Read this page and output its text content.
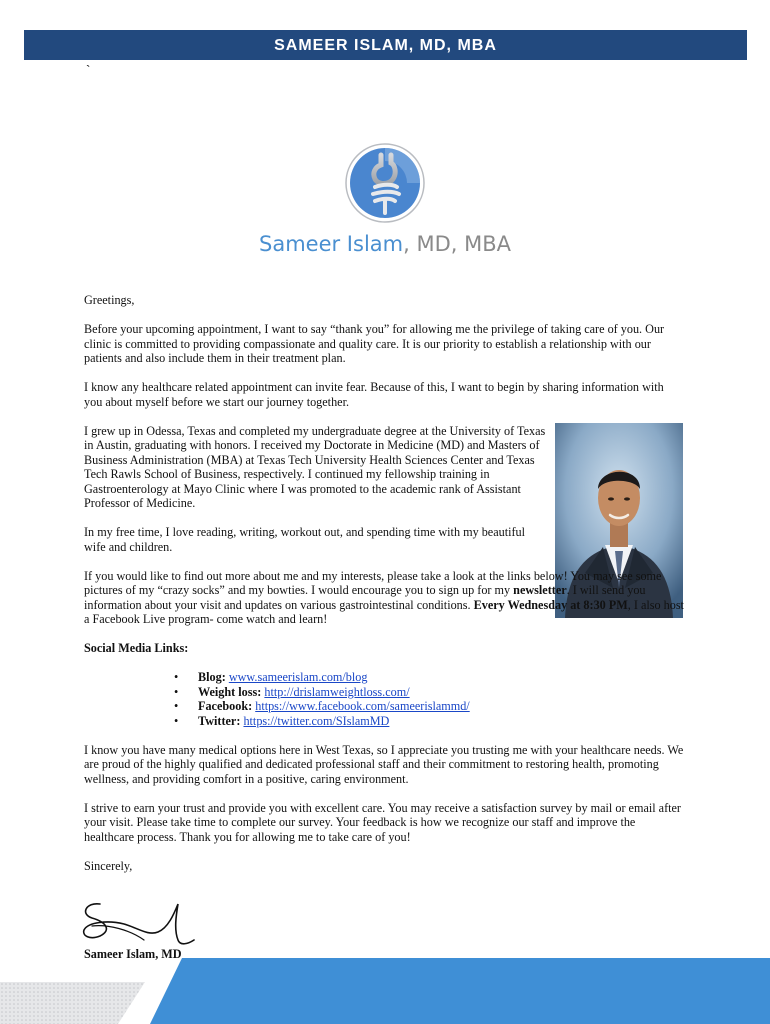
SAMEER ISLAM, MD, MBA
`
Sameer Islam, MD, MBA

Greetings,

Before your upcoming appointment, I want to say “thank you” for allowing me the privilege of taking care of you. Our clinic is committed to providing compassionate and quality care. It is our priority to establish a relationship with our patients and also include them in their treatment plan.

I know any healthcare related appointment can invite fear. Because of this, I want to begin by sharing information with you about myself before we start our journey together.

I grew up in Odessa, Texas and completed my undergraduate degree at the University of Texas in Austin, graduating with honors. I received my Doctorate in Medicine (MD) and Masters of Business Administration (MBA) at Texas Tech University Health Sciences Center and Texas Tech Rawls School of Business, respectively. I continued my fellowship training in Gastroenterology at Mayo Clinic where I was promoted to the academic rank of Assistant Professor of Medicine.

In my free time, I love reading, writing, workout out, and spending time with my beautiful wife and children.

If you would like to find out more about me and my interests, please take a look at the links below! You may see some pictures of my “crazy socks” and my bowties. I would encourage you to sign up for my newsletter. I will send you information about your visit and updates on various gastrointestinal conditions. Every Wednesday at 8:30 PM, I also host a Facebook Live program- come watch and learn!

Social Media Links:

• Blog: www.sameerislam.com/blog
• Weight loss: http://drislamweightloss.com/
• Facebook: https://www.facebook.com/sameerislammd/
• Twitter: https://twitter.com/SIslamMD

I know you have many medical options here in West Texas, so I appreciate you trusting me with your healthcare needs. We are proud of the highly qualified and dedicated professional staff and their commitment to restoring health, promoting wellness, and providing comfort in a positive, caring environment.

I strive to earn your trust and provide you with excellent care. You may receive a satisfaction survey by mail or email after your visit. Please take time to complete our survey. Your feedback is how we recognize our staff and improve the healthcare process. Thank you for allowing me to take care of you!

Sincerely,

Sameer Islam, MD
